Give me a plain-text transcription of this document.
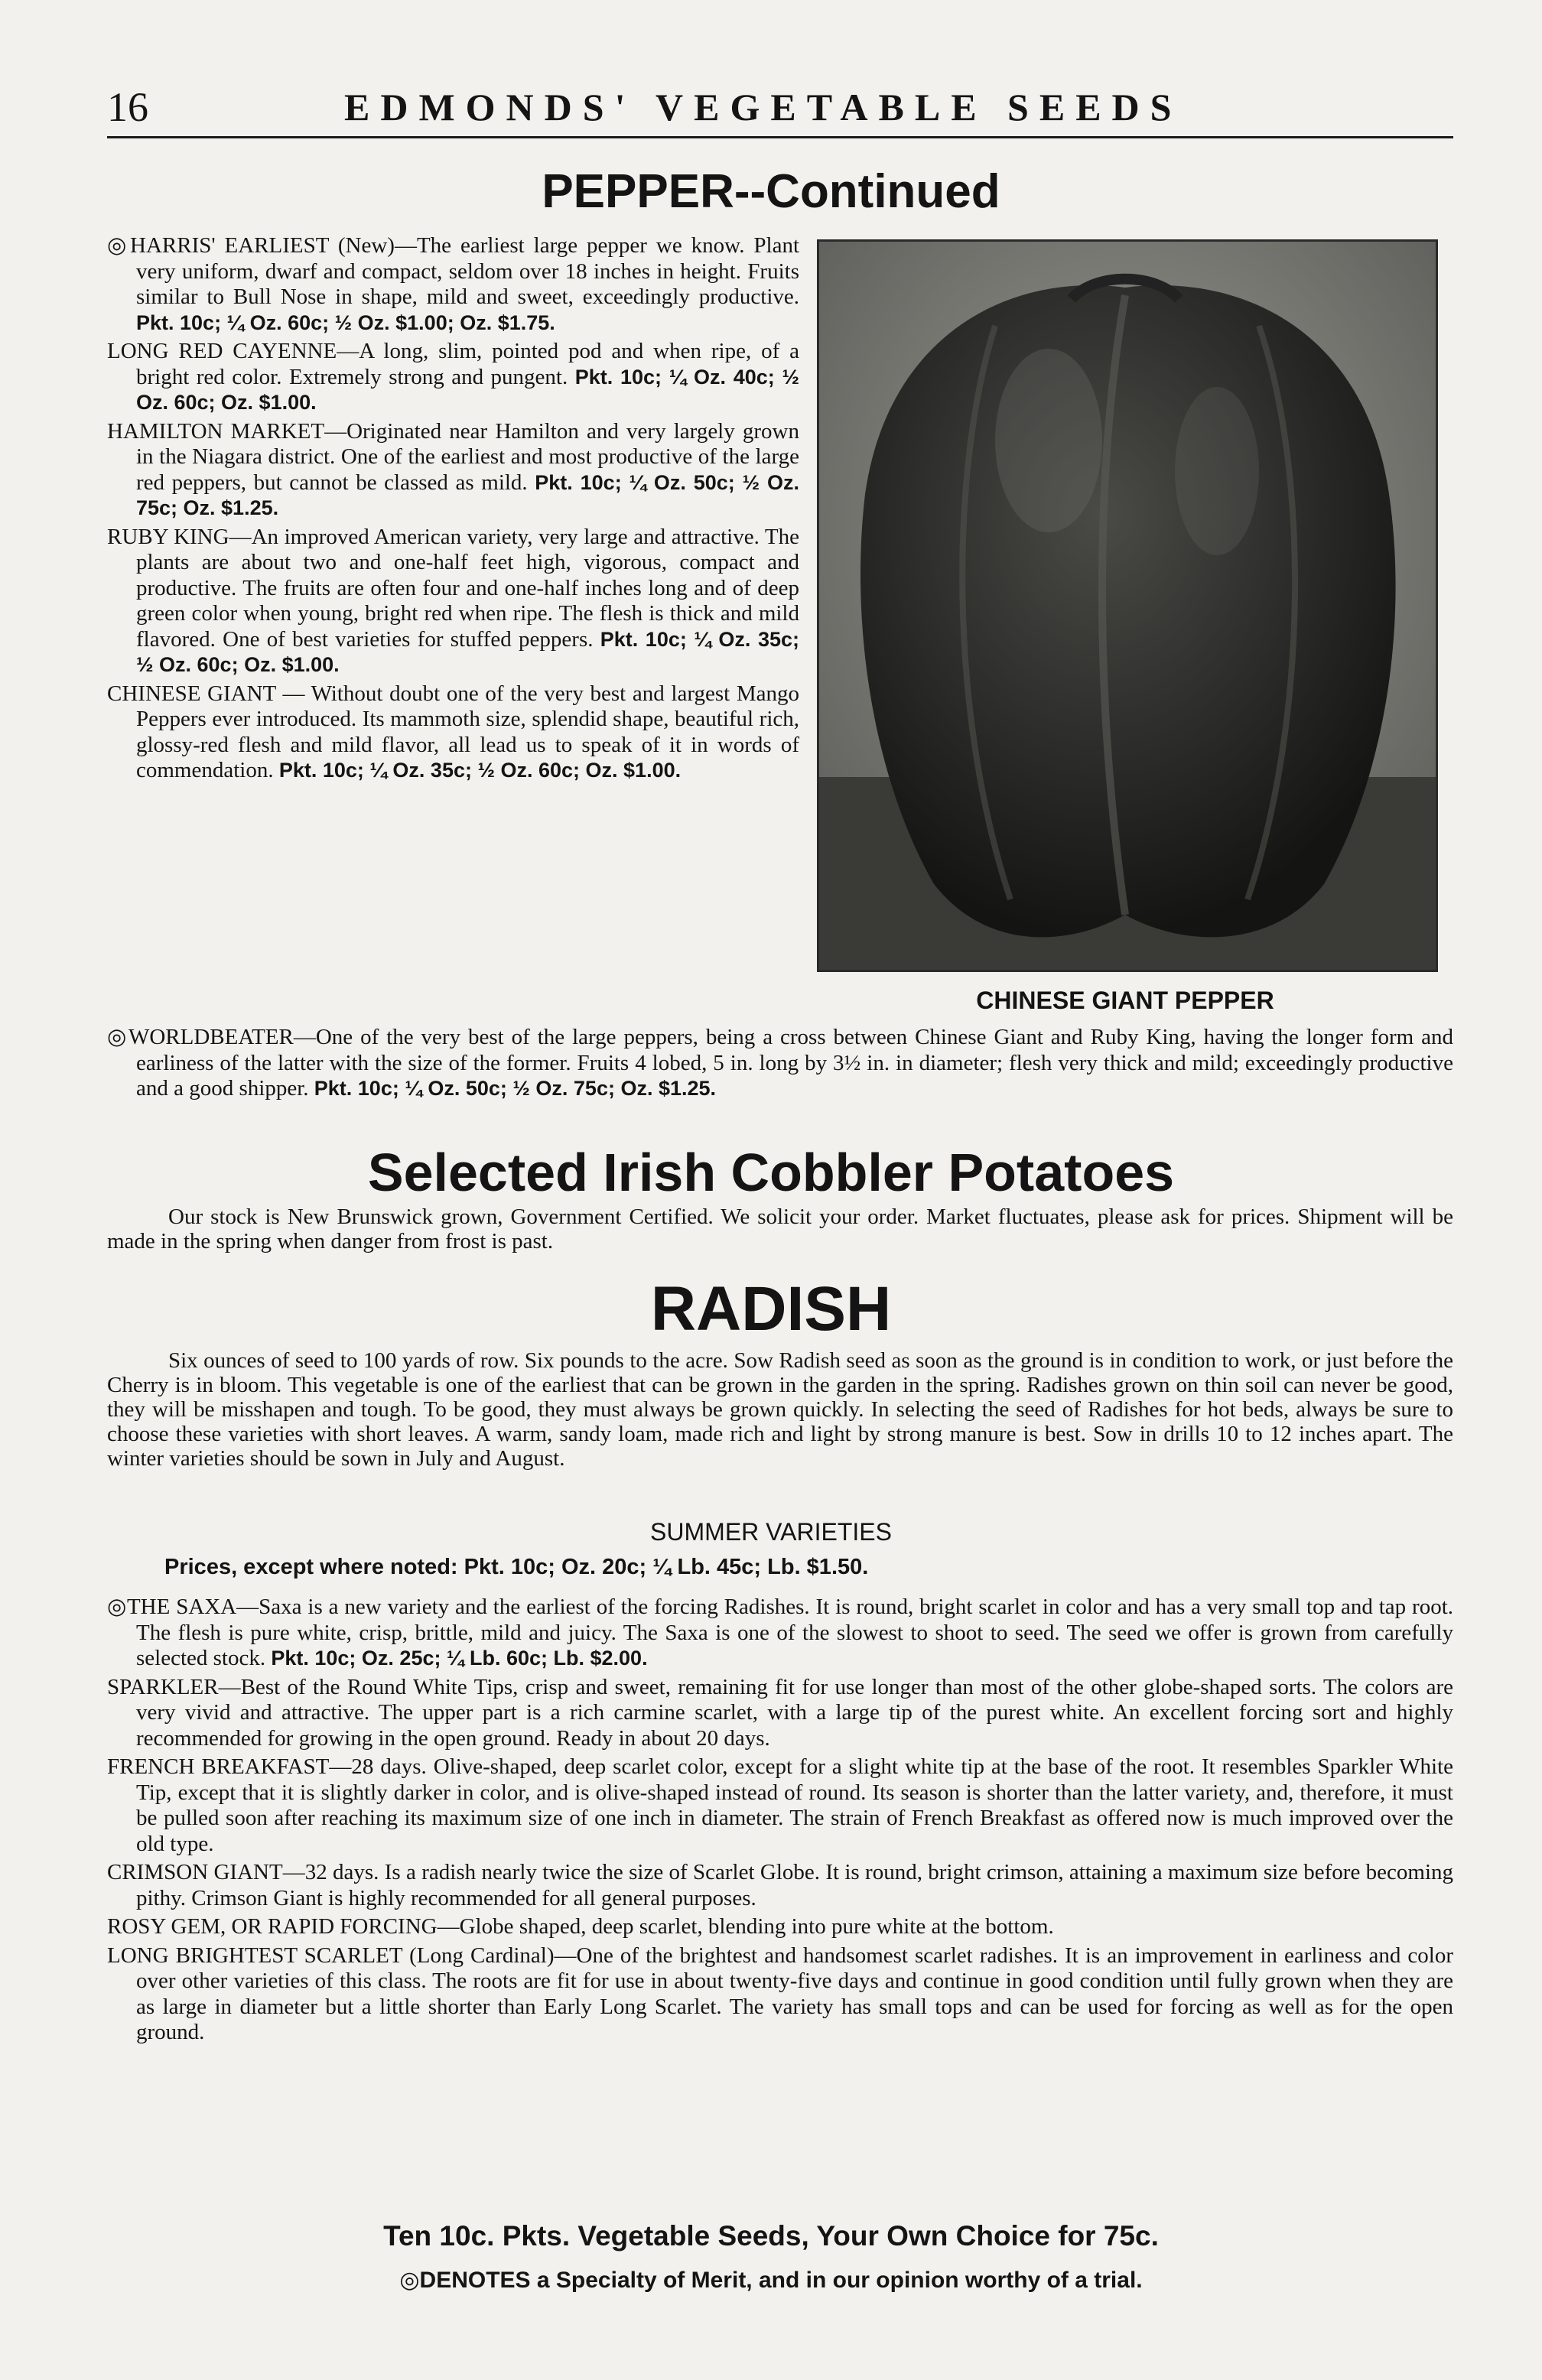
16	EDMONDS' VEGETABLE SEEDS
PEPPER--Continued

◎HARRIS' EARLIEST (New)—The earliest large pepper we know. Plant very uniform, dwarf and compact, seldom over 18 inches in height. Fruits similar to Bull Nose in shape, mild and sweet, exceedingly productive. Pkt. 10c; ¼ Oz. 60c; ½ Oz. $1.00; Oz. $1.75.

LONG RED CAYENNE—A long, slim, pointed pod and when ripe, of a bright red color. Extremely strong and pungent. Pkt. 10c; ¼ Oz. 40c; ½ Oz. 60c; Oz. $1.00.

HAMILTON MARKET—Originated near Hamilton and very largely grown in the Niagara district. One of the earliest and most productive of the large red peppers, but cannot be classed as mild. Pkt. 10c; ¼ Oz. 50c; ½ Oz. 75c; Oz. $1.25.

RUBY KING—An improved American variety, very large and attractive. The plants are about two and one-half feet high, vigorous, compact and productive. The fruits are often four and one-half inches long and of deep green color when young, bright red when ripe. The flesh is thick and mild flavored. One of best varieties for stuffed peppers. Pkt. 10c; ¼ Oz. 35c; ½ Oz. 60c; Oz. $1.00.

CHINESE GIANT — Without doubt one of the very best and largest Mango Peppers ever introduced. Its mammoth size, splendid shape, beautiful rich, glossy-red flesh and mild flavor, all lead us to speak of it in words of commendation. Pkt. 10c; ¼ Oz. 35c; ½ Oz. 60c; Oz. $1.00.

CHINESE GIANT PEPPER

◎WORLDBEATER—One of the very best of the large peppers, being a cross between Chinese Giant and Ruby King, having the longer form and earliness of the latter with the size of the former. Fruits 4 lobed, 5 in. long by 3½ in. in diameter; flesh very thick and mild; exceedingly productive and a good shipper. Pkt. 10c; ¼ Oz. 50c; ½ Oz. 75c; Oz. $1.25.

Selected Irish Cobbler Potatoes

Our stock is New Brunswick grown, Government Certified. We solicit your order. Market fluctuates, please ask for prices. Shipment will be made in the spring when danger from frost is past.

RADISH

Six ounces of seed to 100 yards of row. Six pounds to the acre. Sow Radish seed as soon as the ground is in condition to work, or just before the Cherry is in bloom. This vegetable is one of the earliest that can be grown in the garden in the spring. Radishes grown on thin soil can never be good, they will be misshapen and tough. To be good, they must always be grown quickly. In selecting the seed of Radishes for hot beds, always be sure to choose these varieties with short leaves. A warm, sandy loam, made rich and light by strong manure is best. Sow in drills 10 to 12 inches apart. The winter varieties should be sown in July and August.

SUMMER VARIETIES
Prices, except where noted: Pkt. 10c; Oz. 20c; ¼ Lb. 45c; Lb. $1.50.

◎THE SAXA—Saxa is a new variety and the earliest of the forcing Radishes. It is round, bright scarlet in color and has a very small top and tap root. The flesh is pure white, crisp, brittle, mild and juicy. The Saxa is one of the slowest to shoot to seed. The seed we offer is grown from carefully selected stock. Pkt. 10c; Oz. 25c; ¼ Lb. 60c; Lb. $2.00.

SPARKLER—Best of the Round White Tips, crisp and sweet, remaining fit for use longer than most of the other globe-shaped sorts. The colors are very vivid and attractive. The upper part is a rich carmine scarlet, with a large tip of the purest white. An excellent forcing sort and highly recommended for growing in the open ground. Ready in about 20 days.

FRENCH BREAKFAST—28 days. Olive-shaped, deep scarlet color, except for a slight white tip at the base of the root. It resembles Sparkler White Tip, except that it is slightly darker in color, and is olive-shaped instead of round. Its season is shorter than the latter variety, and, therefore, it must be pulled soon after reaching its maximum size of one inch in diameter. The strain of French Breakfast as offered now is much improved over the old type.

CRIMSON GIANT—32 days. Is a radish nearly twice the size of Scarlet Globe. It is round, bright crimson, attaining a maximum size before becoming pithy. Crimson Giant is highly recommended for all general purposes.

ROSY GEM, OR RAPID FORCING—Globe shaped, deep scarlet, blending into pure white at the bottom.

LONG BRIGHTEST SCARLET (Long Cardinal)—One of the brightest and handsomest scarlet radishes. It is an improvement in earliness and color over other varieties of this class. The roots are fit for use in about twenty-five days and continue in good condition until fully grown when they are as large in diameter but a little shorter than Early Long Scarlet. The variety has small tops and can be used for forcing as well as for the open ground.

Ten 10c. Pkts. Vegetable Seeds, Your Own Choice for 75c.
◎DENOTES a Specialty of Merit, and in our opinion worthy of a trial.
